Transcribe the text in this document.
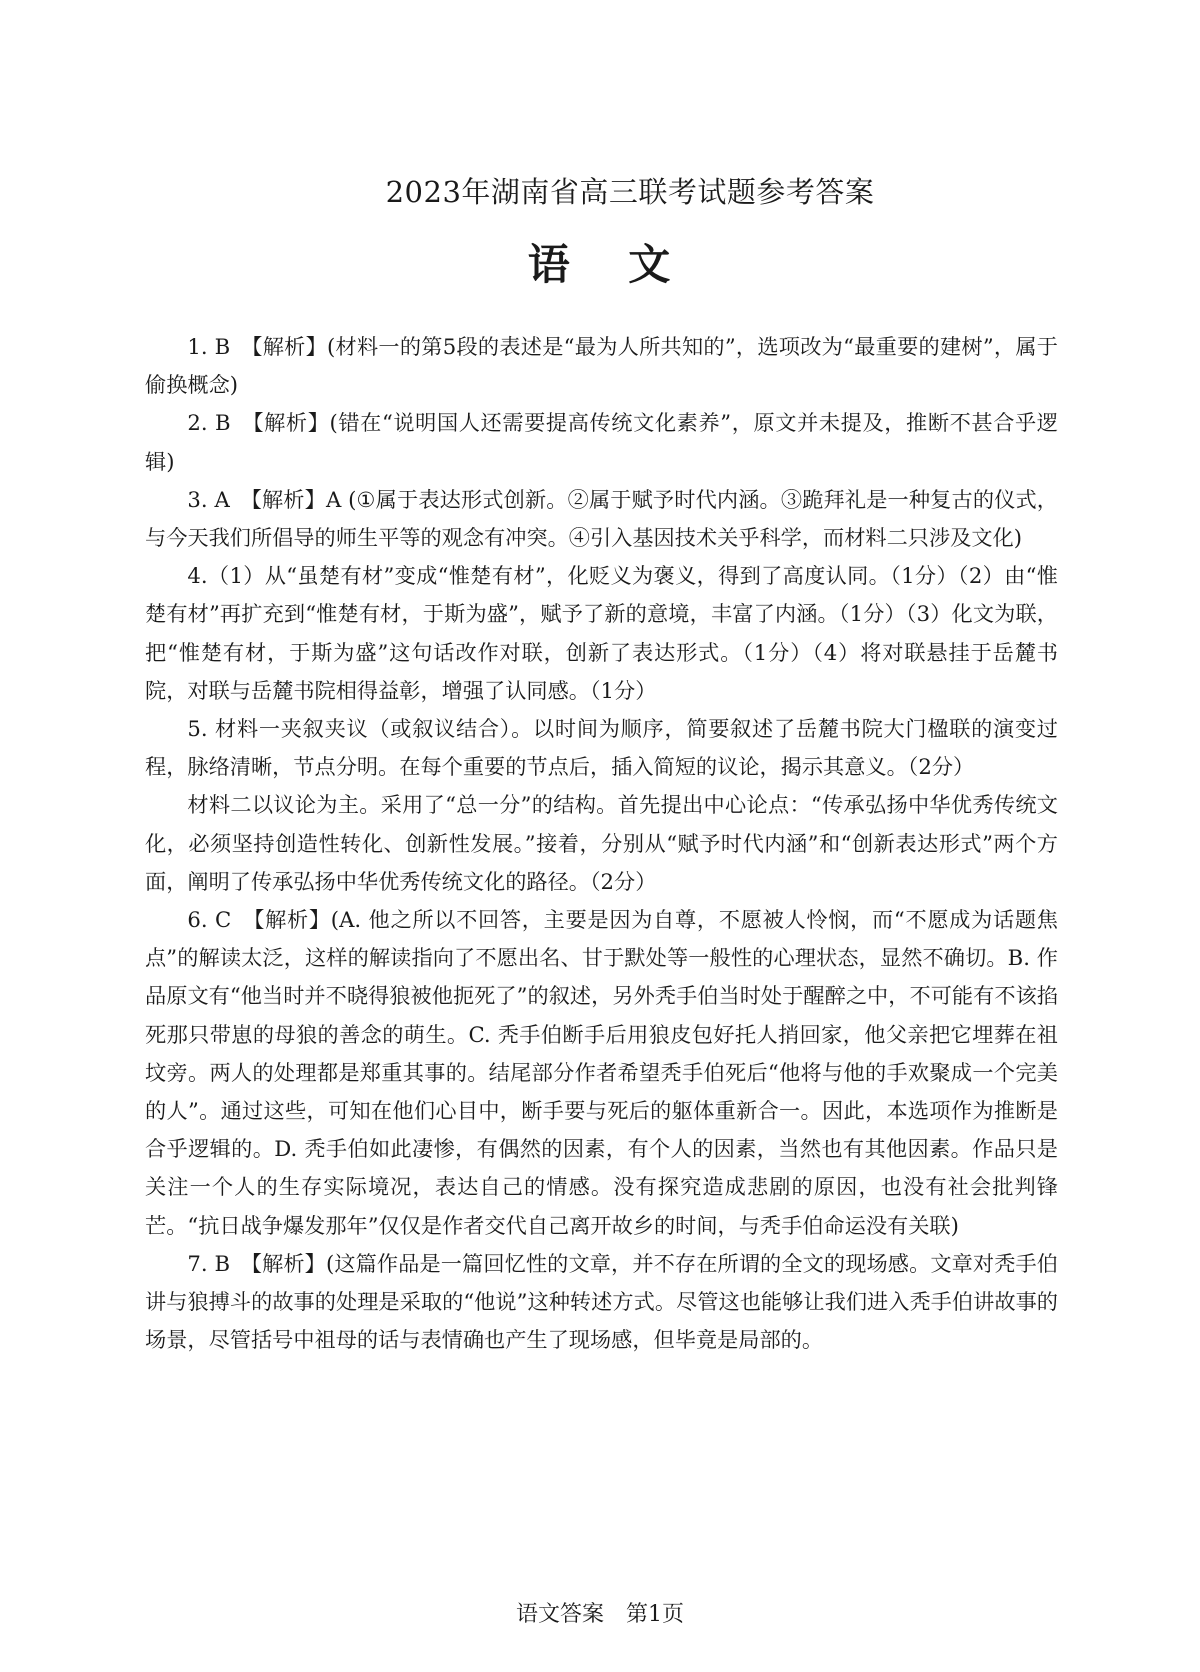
2023年湖南省高三联考试题参考答案
语 文

1. B　【解析】(材料一的第5段的表述是“最为人所共知的”，选项改为“最重要的建树”，属于偷换概念)

2. B　【解析】(错在“说明国人还需要提高传统文化素养”，原文并未提及，推断不甚合乎逻辑)

3. A　【解析】A (①属于表达形式创新。②属于赋予时代内涵。③跪拜礼是一种复古的仪式，与今天我们所倡导的师生平等的观念有冲突。④引入基因技术关乎科学，而材料二只涉及文化)

4.（1）从“虽楚有材”变成“惟楚有材”，化贬义为褒义，得到了高度认同。（1分）（2）由“惟楚有材”再扩充到“惟楚有材，于斯为盛”，赋予了新的意境，丰富了内涵。（1分）（3）化文为联，把“惟楚有材，于斯为盛”这句话改作对联，创新了表达形式。（1分）（4）将对联悬挂于岳麓书院，对联与岳麓书院相得益彰，增强了认同感。（1分）

5. 材料一夹叙夹议（或叙议结合）。以时间为顺序，简要叙述了岳麓书院大门楹联的演变过程，脉络清晰，节点分明。在每个重要的节点后，插入简短的议论，揭示其意义。（2分）

材料二以议论为主。采用了“总一分”的结构。首先提出中心论点：“传承弘扬中华优秀传统文化，必须坚持创造性转化、创新性发展。”接着，分别从“赋予时代内涵”和“创新表达形式”两个方面，阐明了传承弘扬中华优秀传统文化的路径。（2分）

6. C　【解析】(A. 他之所以不回答，主要是因为自尊，不愿被人怜悯，而“不愿成为话题焦点”的解读太泛，这样的解读指向了不愿出名、甘于默处等一般性的心理状态，显然不确切。B. 作品原文有“他当时并不晓得狼被他扼死了”的叙述，另外秃手伯当时处于醒醉之中，不可能有不该掐死那只带崽的母狼的善念的萌生。C. 秃手伯断手后用狼皮包好托人捎回家，他父亲把它埋葬在祖坟旁。两人的处理都是郑重其事的。结尾部分作者希望秃手伯死后“他将与他的手欢聚成一个完美的人”。通过这些，可知在他们心目中，断手要与死后的躯体重新合一。因此，本选项作为推断是合乎逻辑的。D. 秃手伯如此凄惨，有偶然的因素，有个人的因素，当然也有其他因素。作品只是关注一个人的生存实际境况，表达自己的情感。没有探究造成悲剧的原因，也没有社会批判锋芒。“抗日战争爆发那年”仅仅是作者交代自己离开故乡的时间，与秃手伯命运没有关联)

7. B　【解析】(这篇作品是一篇回忆性的文章，并不存在所谓的全文的现场感。文章对秃手伯讲与狼搏斗的故事的处理是采取的“他说”这种转述方式。尽管这也能够让我们进入秃手伯讲故事的场景，尽管括号中祖母的话与表情确也产生了现场感，但毕竟是局部的。

语文答案　第1页
